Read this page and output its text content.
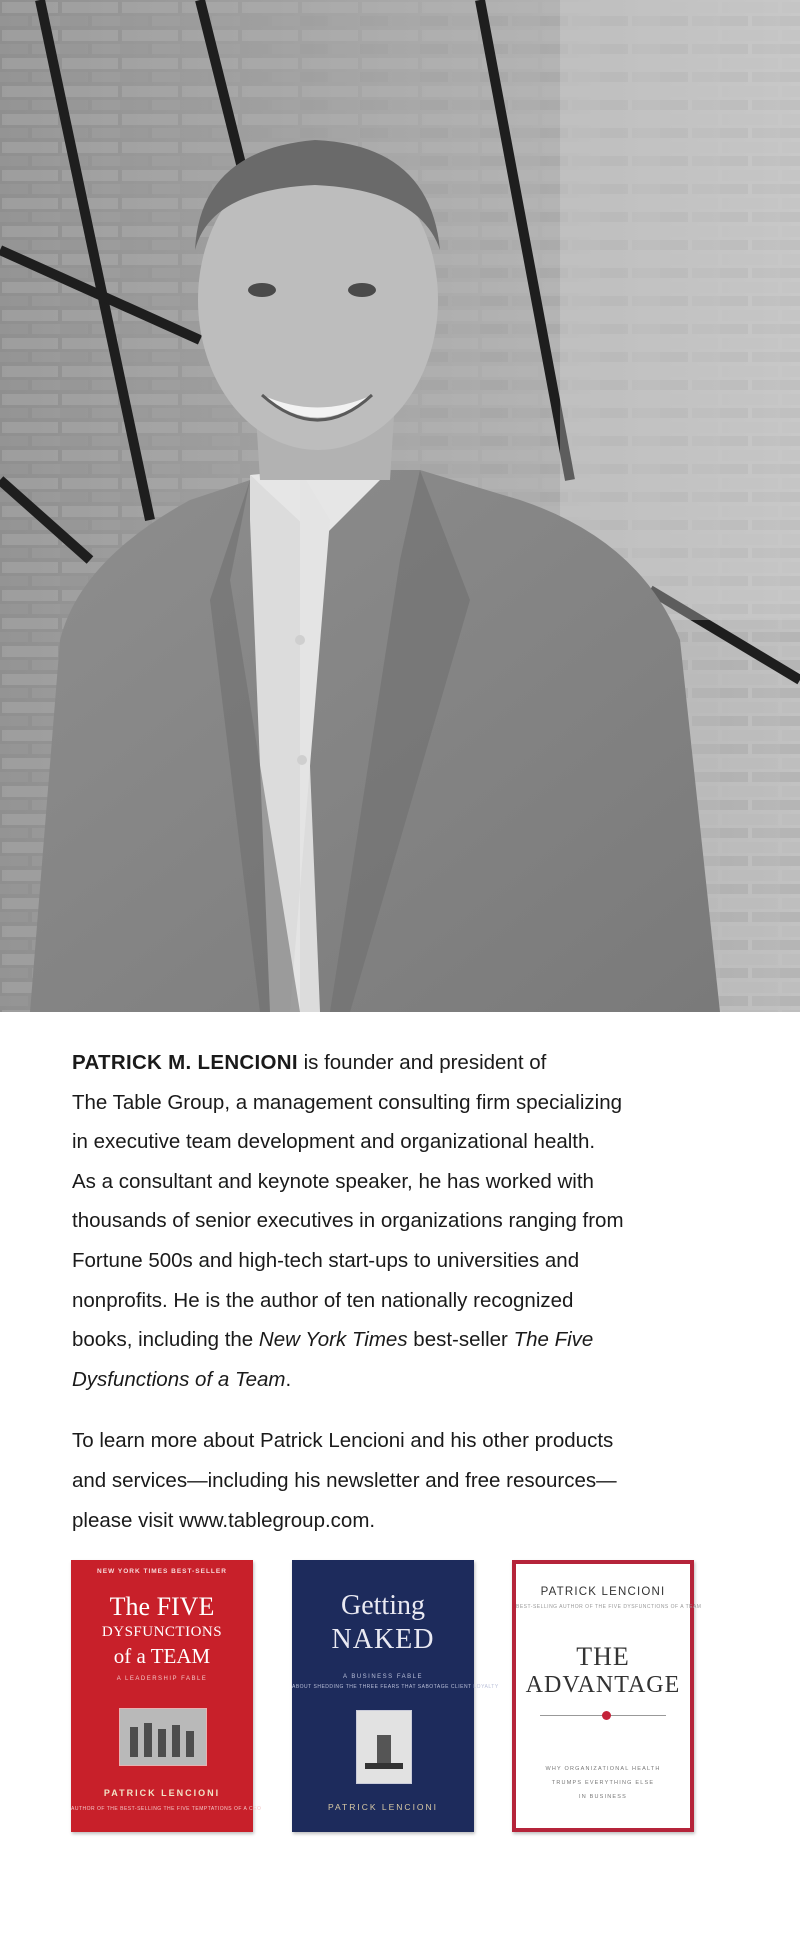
PATRICK M. LENCIONI is founder and president of
The Table Group, a management consulting firm specializing
in executive team development and organizational health.
As a consultant and keynote speaker, he has worked with
thousands of senior executives in organizations ranging from
Fortune 500s and high-tech start-ups to universities and
nonprofits. He is the author of ten nationally recognized
books, including the New York Times best-seller The Five
Dysfunctions of a Team.

To learn more about Patrick Lencioni and his other products
and services—including his newsletter and free resources—
please visit www.tablegroup.com.

NEW YORK TIMES BEST-SELLER
The FIVE
DYSFUNCTIONS
of a TEAM
A LEADERSHIP FABLE
PATRICK LENCIONI
AUTHOR OF THE BEST-SELLING THE FIVE TEMPTATIONS OF A CEO
Getting
NAKED
A BUSINESS FABLE
ABOUT SHEDDING THE THREE FEARS THAT SABOTAGE CLIENT LOYALTY
PATRICK LENCIONI
PATRICK LENCIONI
BEST-SELLING AUTHOR OF THE FIVE DYSFUNCTIONS OF A TEAM
THE
ADVANTAGE
WHY ORGANIZATIONAL HEALTH
TRUMPS EVERYTHING ELSE
IN BUSINESS
